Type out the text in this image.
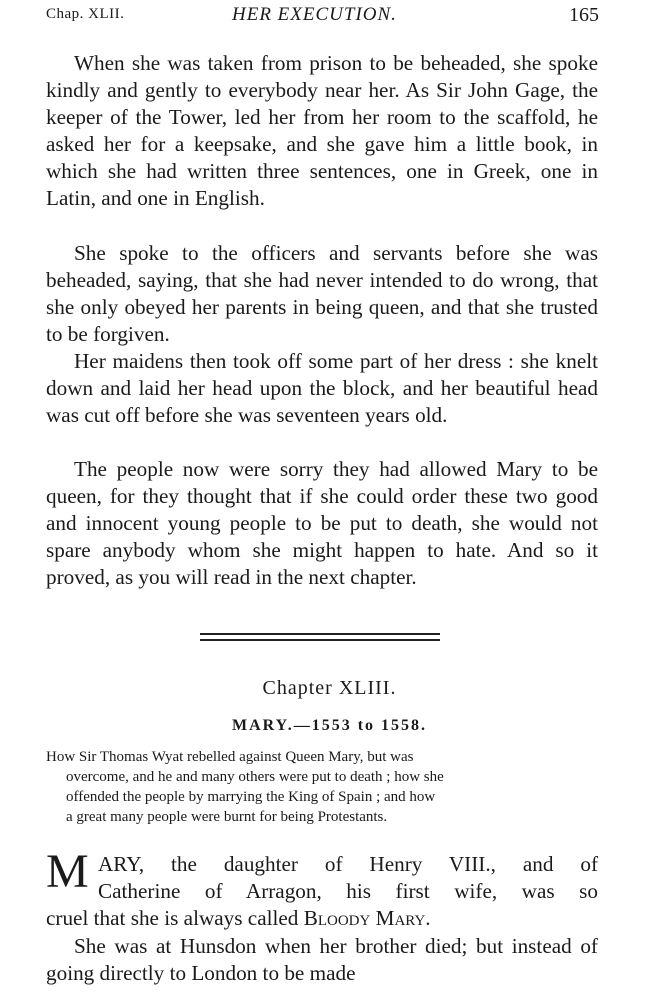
Chap. XLII.	HER EXECUTION.	165

When she was taken from prison to be beheaded, she spoke kindly and gently to everybody near her. As Sir John Gage, the keeper of the Tower, led her from her room to the scaffold, he asked her for a keepsake, and she gave him a little book, in which she had written three sentences, one in Greek, one in Latin, and one in English.

She spoke to the officers and servants before she was beheaded, saying, that she had never intended to do wrong, that she only obeyed her parents in being queen, and that she trusted to be forgiven.

Her maidens then took off some part of her dress : she knelt down and laid her head upon the block, and her beautiful head was cut off before she was seventeen years old.

The people now were sorry they had allowed Mary to be queen, for they thought that if she could order these two good and innocent young people to be put to death, she would not spare anybody whom she might happen to hate. And so it proved, as you will read in the next chapter.

Chapter XLIII.
MARY.—1553 to 1558.

How Sir Thomas Wyat rebelled against Queen Mary, but was
overcome, and he and many others were put to death ; how she
offended the people by marrying the King of Spain ; and how
a great many people were burnt for being Protestants.

M ARY, the daughter of Henry VIII., and of

Catherine of Arragon, his first wife, was so

cruel that she is always called Bloody Mary.

She was at Hunsdon when her brother died; but instead of going directly to London to be made
